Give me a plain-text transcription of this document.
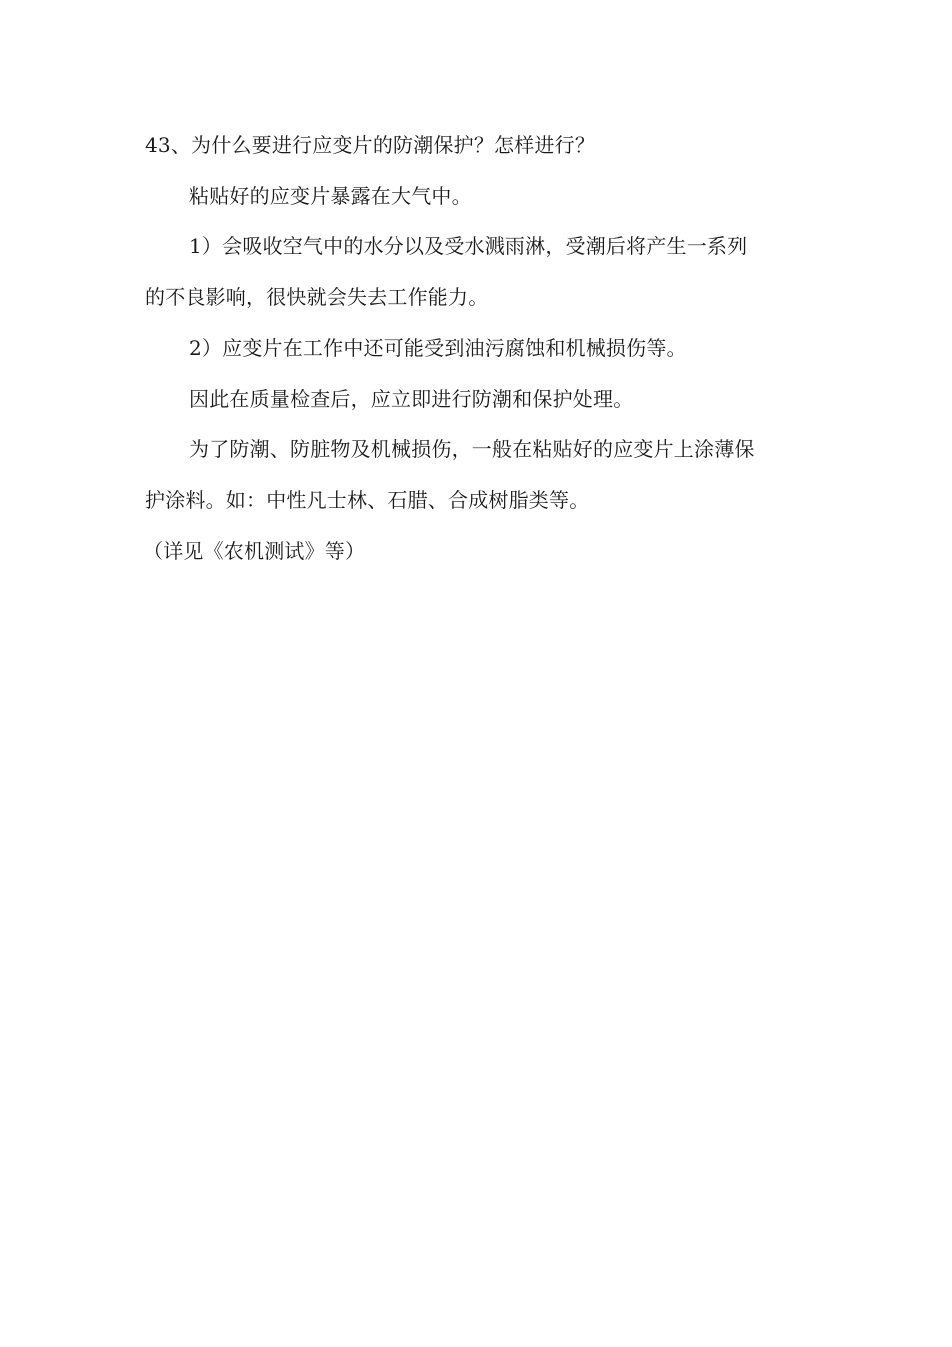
43、为什么要进行应变片的防潮保护？怎样进行？
粘贴好的应变片暴露在大气中。
1）会吸收空气中的水分以及受水溅雨淋，受潮后将产生一系列
的不良影响，很快就会失去工作能力。
2）应变片在工作中还可能受到油污腐蚀和机械损伤等。
因此在质量检查后，应立即进行防潮和保护处理。
为了防潮、防脏物及机械损伤，一般在粘贴好的应变片上涂薄保
护涂料。如：中性凡士林、石腊、合成树脂类等。
（详见《农机测试》等）
